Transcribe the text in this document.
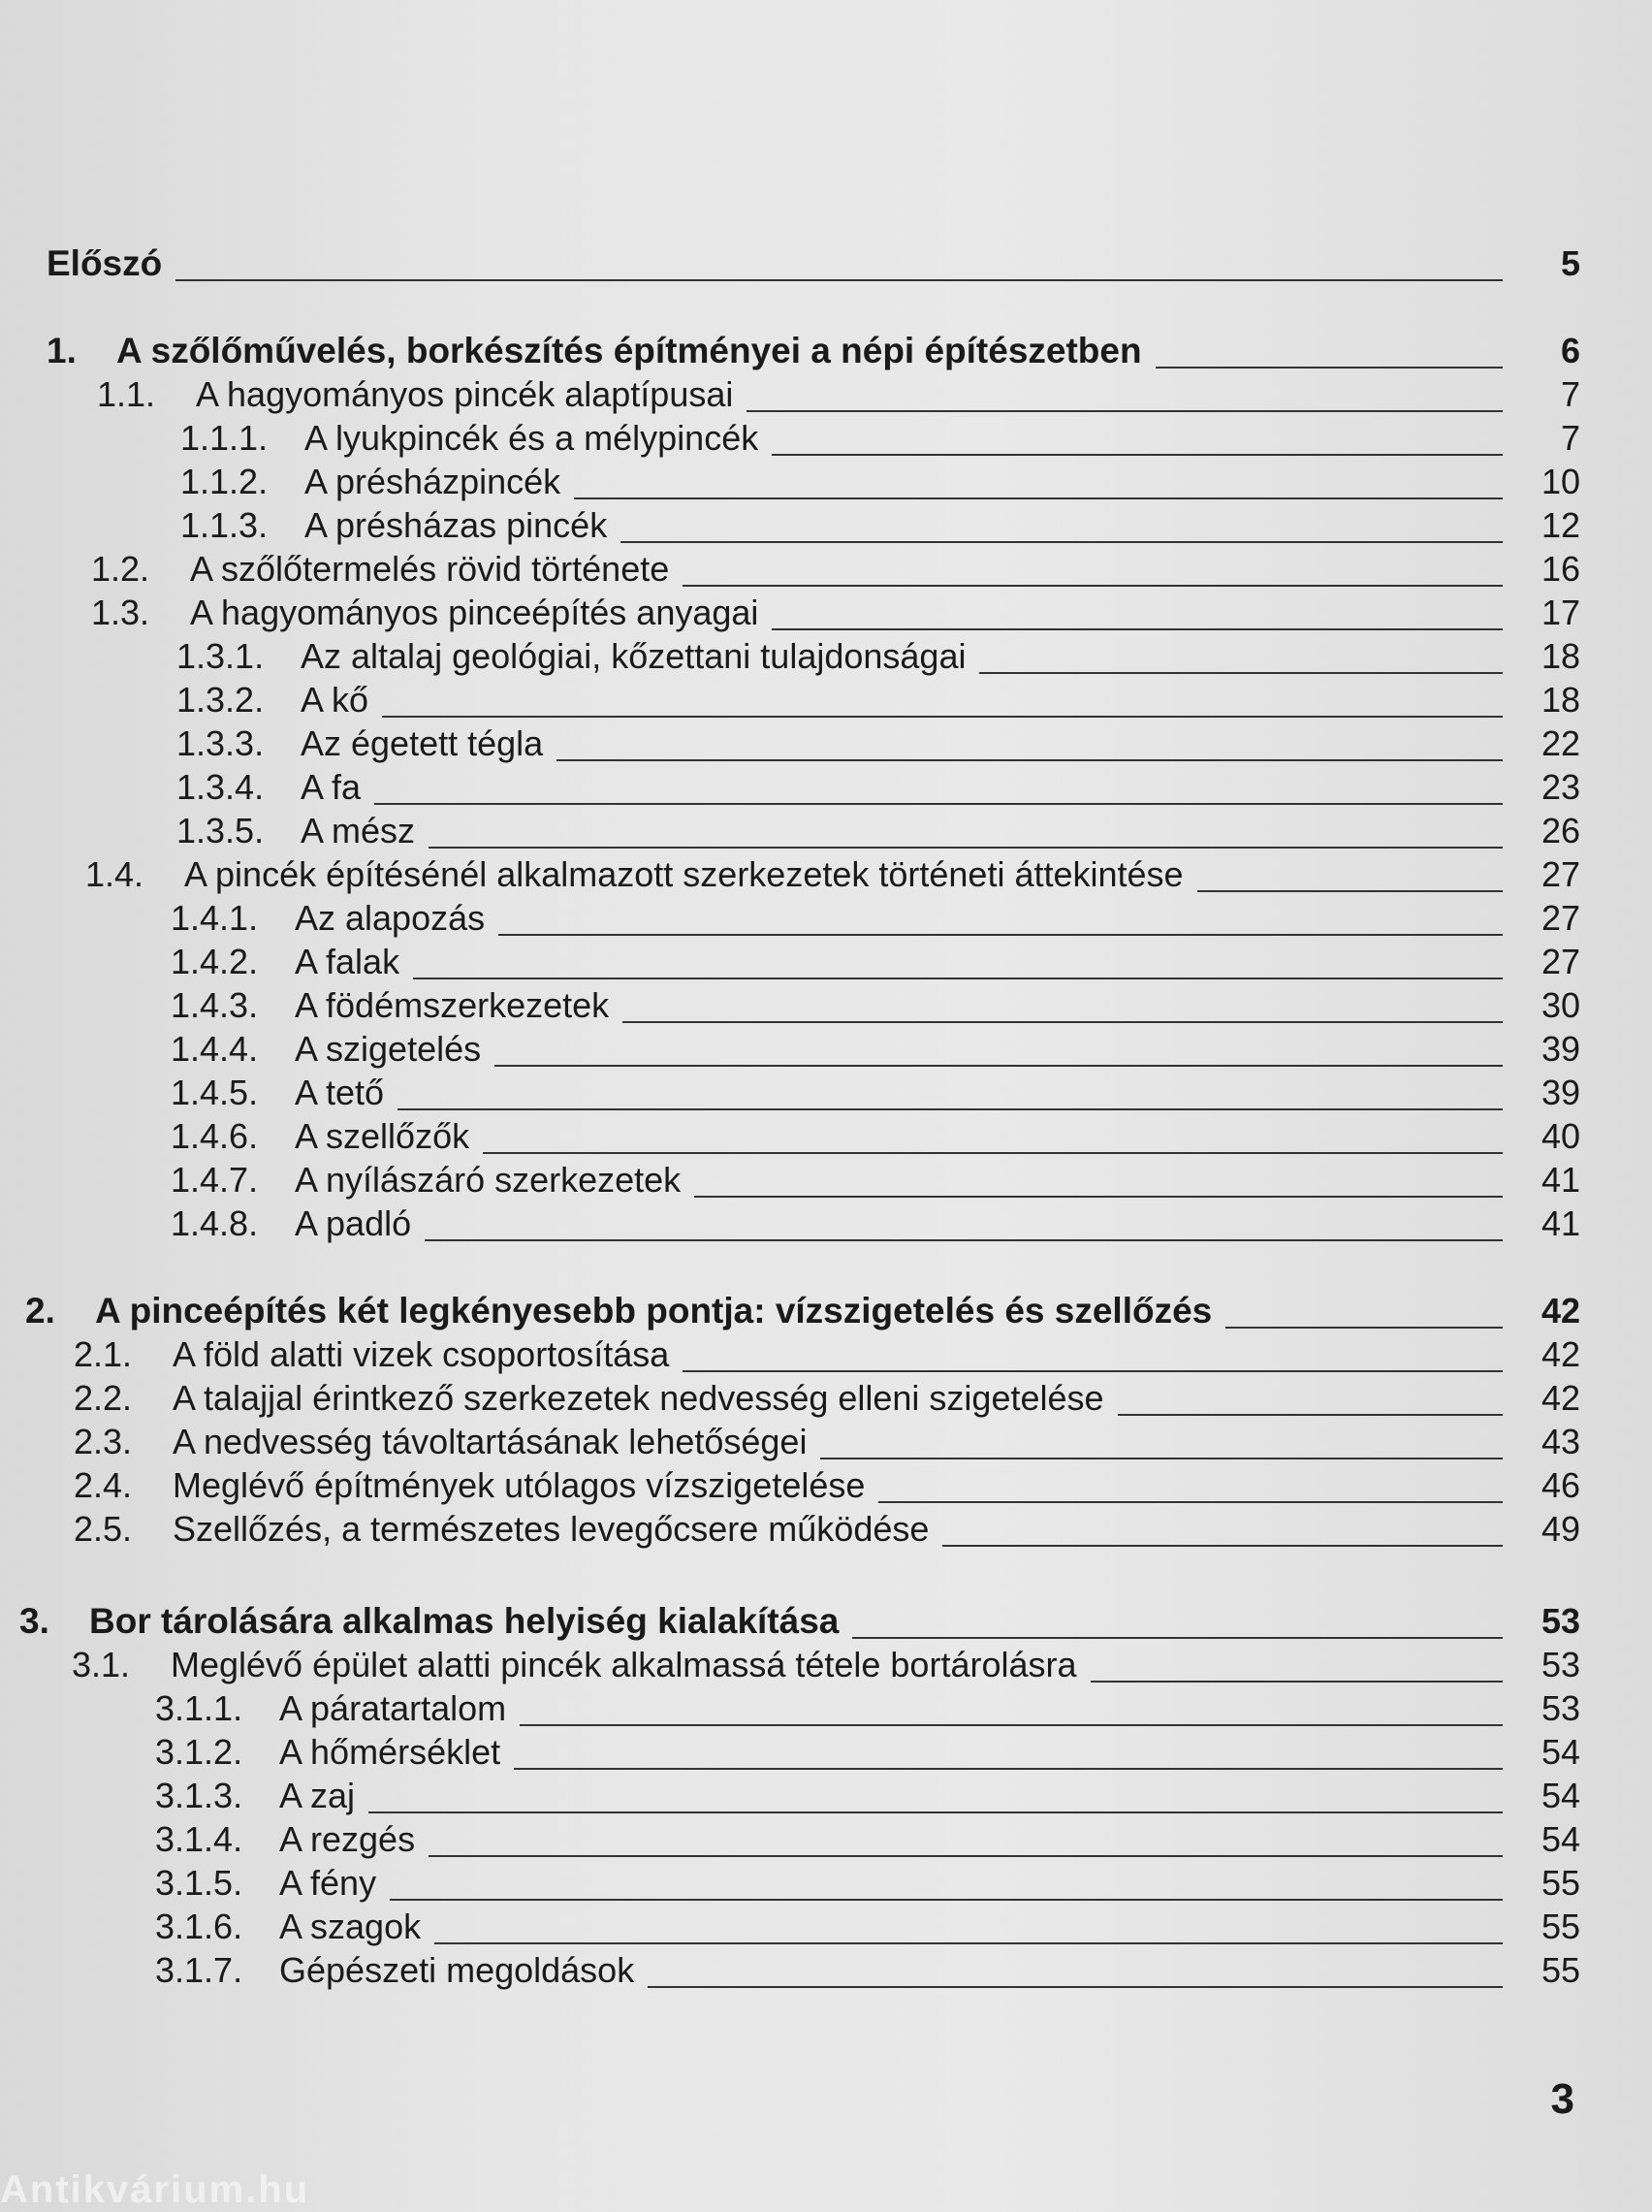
Előszó	5
1.	A szőlőművelés, borkészítés építményei a népi építészetben	6
1.1.	A hagyományos pincék alaptípusai	7
1.1.1.	A lyukpincék és a mélypincék	7
1.1.2.	A présházpincék	10
1.1.3.	A présházas pincék	12
1.2.	A szőlőtermelés rövid története	16
1.3.	A hagyományos pinceépítés anyagai	17
1.3.1.	Az altalaj geológiai, kőzettani tulajdonságai	18
1.3.2.	A kő	18
1.3.3.	Az égetett tégla	22
1.3.4.	A fa	23
1.3.5.	A mész	26
1.4.	A pincék építésénél alkalmazott szerkezetek történeti áttekintése	27
1.4.1.	Az alapozás	27
1.4.2.	A falak	27
1.4.3.	A födémszerkezetek	30
1.4.4.	A szigetelés	39
1.4.5.	A tető	39
1.4.6.	A szellőzők	40
1.4.7.	A nyílászáró szerkezetek	41
1.4.8.	A padló	41
2.	A pinceépítés két legkényesebb pontja: vízszigetelés és szellőzés	42
2.1.	A föld alatti vizek csoportosítása	42
2.2.	A talajjal érintkező szerkezetek nedvesség elleni szigetelése	42
2.3.	A nedvesség távoltartásának lehetőségei	43
2.4.	Meglévő építmények utólagos vízszigetelése	46
2.5.	Szellőzés, a természetes levegőcsere működése	49
3.	Bor tárolására alkalmas helyiség kialakítása	53
3.1.	Meglévő épület alatti pincék alkalmassá tétele bortárolásra	53
3.1.1.	A páratartalom	53
3.1.2.	A hőmérséklet	54
3.1.3.	A zaj	54
3.1.4.	A rezgés	54
3.1.5.	A fény	55
3.1.6.	A szagok	55
3.1.7.	Gépészeti megoldások	55
3
Antikvárium.hu
